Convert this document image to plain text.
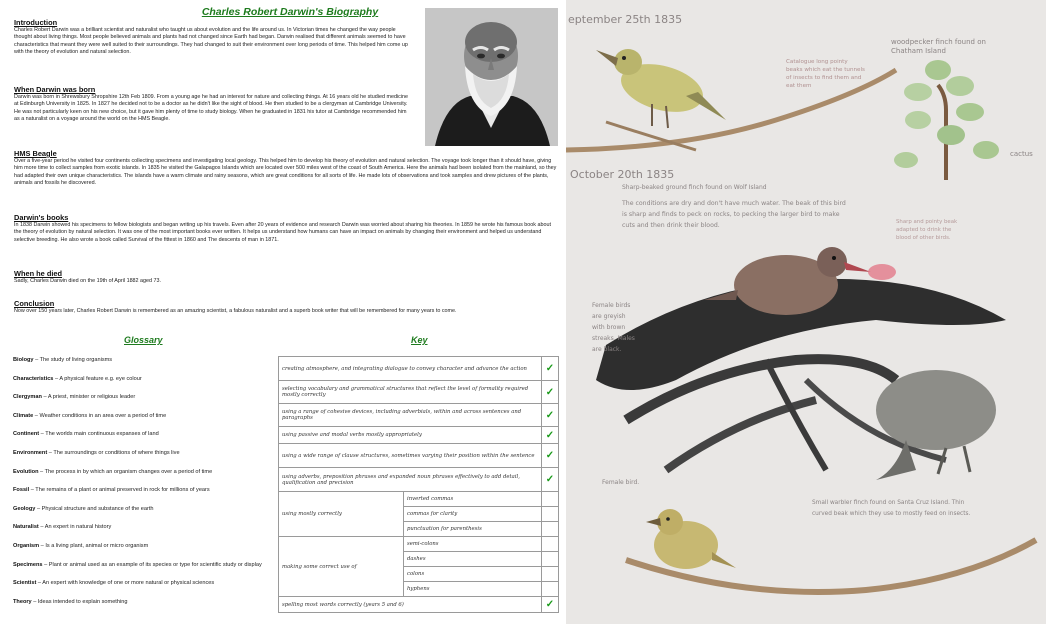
Charles Robert Darwin's Biography
Introduction

Charles Robert Darwin was a brilliant scientist and naturalist who taught us about evolution and the life around us. In Victorian times he changed the way people thought about living things. Most people believed animals and plants had not changed since Earth had began. Darwin realised that different animals seemed to have characteristics that meant they were well suited to their surroundings. They had changed to suit their environment over long periods of time. This helped him come up with the theory of evolution and natural selection.

When Darwin was born

Darwin was born in Shrewsbury Shropshire 12th Feb 1809. From a young age he had an interest for nature and collecting things. At 16 years old he studied medicine at Edinburgh University in 1825. In 1827 he decided not to be a doctor as he didn't like the sight of blood. He then studied to be a clergyman at Cambridge University. He was not particularly keen on his new choice, but it gave him plenty of time to study biology. When he graduated in 1831 his tutor at Cambridge recommended him as a naturalist on a voyage around the world on the HMS Beagle.

HMS Beagle

Over a five-year period he visited four continents collecting specimens and investigating local geology. This helped him to develop his theory of evolution and natural selection. The voyage took longer than it should have, giving him more time to collect samples from exotic islands. In 1835 he visited the Galapagos Islands which are located over 500 miles west of the coast of South America. Here the animals had been isolated from the mainland, so they had adapted their own unique characteristics. The islands have a warm climate and rainy seasons, which are great conditions for all sorts of life. He made lots of observations and took samples and drew pictures of the plants, animals and fossils he discovered.

Darwin's books

In 1838 Darwin showed his specimens to fellow biologists and began writing up his travels. Even after 20 years of evidence and research Darwin was worried about sharing his theories. In 1859 he wrote his famous book about the theory of evolution by natural selection. It was one of the most important books ever written. It helps us understand how humans can have an impact on animals by changing their environment and helped us understand selective breeding. He also wrote a book called Survival of the fittest in 1860 and The descents of man in 1871.

When he died

Sadly, Charles Darwin died on the 19th of April 1882 aged 73.

Conclusion

Now over 150 years later, Charles Robert Darwin is remembered as an amazing scientist, a fabulous naturalist and a superb book writer that will be remembered for many years to come.

Glossary	Key
Biology – The study of living organisms
Characteristics – A physical feature e.g. eye colour
Clergyman – A priest, minister or religious leader
Climate – Weather conditions in an area over a period of time
Continent – The worlds main continuous expanses of land
Environment – The surroundings or conditions of where things live
Evolution – The process in by which an organism changes over a period of time
Fossil – The remains of a plant or animal preserved in rock for millions of years
Geology – Physical structure and substance of the earth
Naturalist – An expert in natural history
Organism – Is a living plant, animal or micro organism
Specimens – Plant or animal used as an example of its species or type for scientific study or display
Scientist – An expert with knowledge of one or more natural or physical sciences
Theory – Ideas intended to explain something
creating atmosphere, and integrating dialogue to convey character and advance the action		✓
selecting vocabulary and grammatical structures that reflect the level of formality required mostly correctly		✓
using a range of cohesive devices, including adverbials, within and across sentences and paragraphs		✓
using passive and modal verbs mostly appropriately		✓
using a wide range of clause structures, sometimes varying their position within the sentence		✓
using adverbs, preposition phrases and expanded noun phrases effectively to add detail, qualification and precision		✓
using mostly correctly	inverted commas	
	commas for clarity	
	punctuation for parenthesis	
making some correct use of	semi-colons	
	dashes	
	colons	
	hyphens	
spelling most words correctly (years 5 and 6)		✓
eptember 25th 1835
woodpecker finch found on Chatham Island
Catalogue long pointy beaks which eat the tunnels of insects to find them and eat them
cactus
October 20th 1835
Sharp-beaked ground finch found on Wolf Island
The conditions are dry and don't have much water. The beak of this bird is sharp and finds to peck on rocks, to pecking the larger bird to make cuts and then drink their blood.	Sharp and pointy beak adapted to drink the blood of other birds.
Female birds are greyish with brown streaks. Males are black.
Female bird.
Small warbler finch found on Santa Cruz Island. Thin curved beak which they use to mostly feed on insects.
